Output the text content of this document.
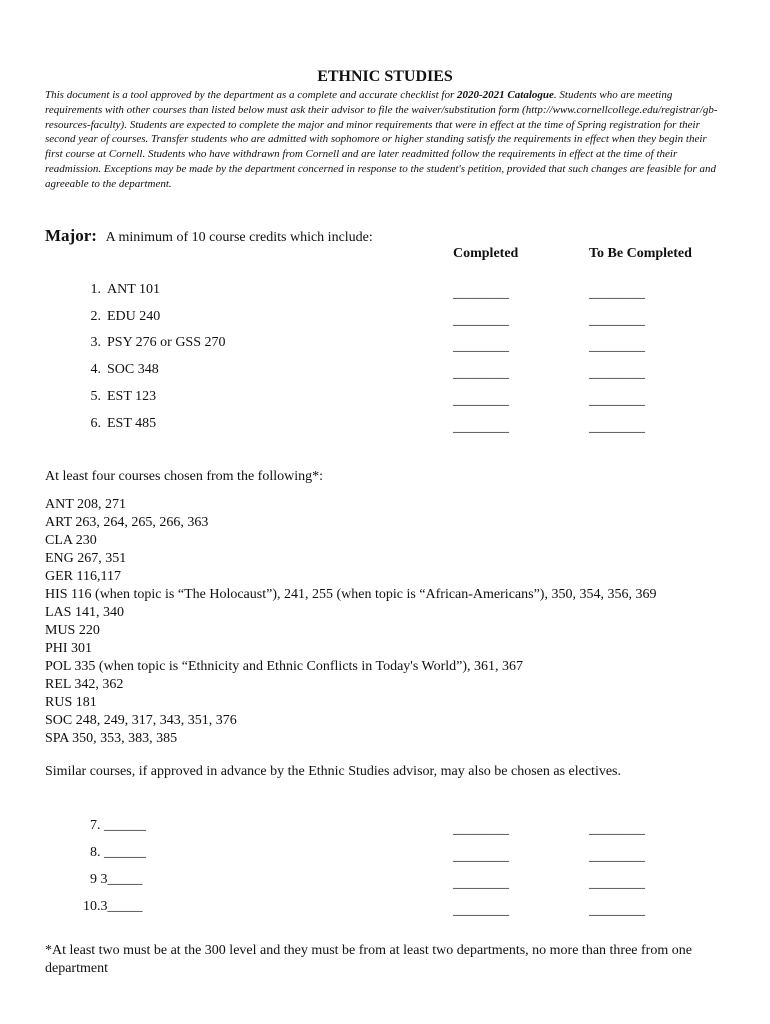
ETHNIC STUDIES

This document is a tool approved by the department as a complete and accurate checklist for 2020-2021 Catalogue. Students who are meeting requirements with other courses than listed below must ask their advisor to file the waiver/substitution form (http://www.cornellcollege.edu/registrar/gb-resources-faculty). Students are expected to complete the major and minor requirements that were in effect at the time of Spring registration for their second year of courses. Transfer students who are admitted with sophomore or higher standing satisfy the requirements in effect when they begin their first course at Cornell. Students who have withdrawn from Cornell and are later readmitted follow the requirements in effect at the time of their readmission. Exceptions may be made by the department concerned in response to the student's petition, provided that such changes are feasible for and agreeable to the department.

Major: A minimum of 10 course credits which include:
Completed	To Be Completed
1. ANT 101	________	________
2. EDU 240	________	________
3. PSY 276 or GSS 270	________	________
4. SOC 348	________	________
5. EST 123	________	________
6. EST 485	________	________
At least four courses chosen from the following*:
ANT 208, 271
ART 263, 264, 265, 266, 363
CLA 230
ENG 267, 351
GER 116,117
HIS 116 (when topic is “The Holocaust”), 241, 255 (when topic is “African-Americans”), 350, 354, 356, 369
LAS 141, 340
MUS 220
PHI 301
POL 335 (when topic is “Ethnicity and Ethnic Conflicts in Today's World”), 361, 367
REL 342, 362
RUS 181
SOC 248, 249, 317, 343, 351, 376
SPA 350, 353, 383, 385
Similar courses, if approved in advance by the Ethnic Studies advisor, may also be chosen as electives.
7. ______	________	________
8. ______	________	________
9 3_____	________	________
10.3_____	________	________

*At least two must be at the 300 level and they must be from at least two departments, no more than three from one department
